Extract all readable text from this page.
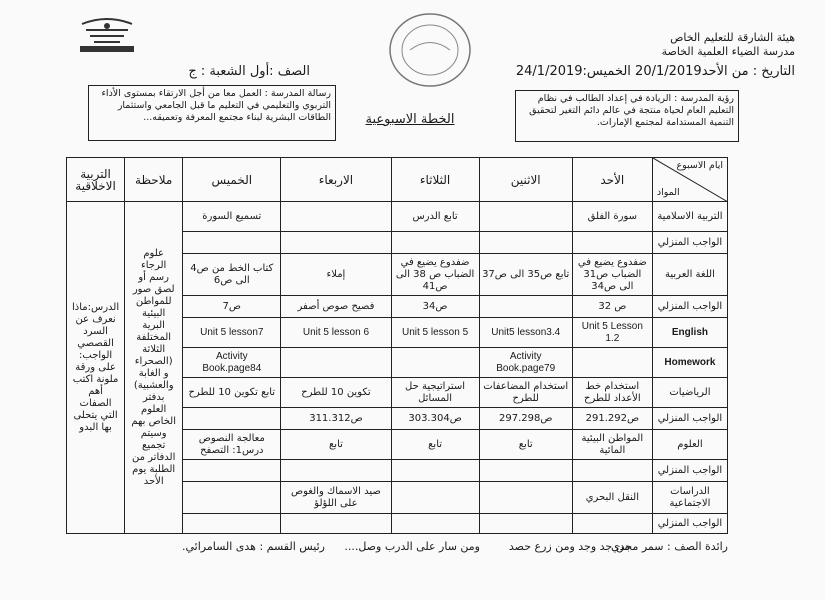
هيئة الشارقة للتعليم الخاص
مدرسة الضياء العلمية الخاصة
التاريخ : من الأحد20/1/2019 الخميس:24/1/2019
الصف :أول الشعبة : ج
رسالة المدرسة : العمل معا من أجل الارتقاء بمستوى الأداء التربوي والتعليمي في التعليم ما قبل الجامعي واستثمار الطاقات البشرية لبناء مجتمع المعرفة وتعميقه...	الخطة الاسبوعية
رؤية المدرسة : الريادة في إعداد الطالب في نظام التعليم العام لحياة منتجة في عالم دائم التغير لتحقيق التنمية المستدامة لمجتمع الإمارات.
ايام الاسبوع
المواد	الأحد	الاثنين	الثلاثاء	الاربعاء	الخميس	ملاحظة	التربية الاخلاقية
التربية الاسلامية	سورة الفلق		تابع الدرس		تسميع السورة	علوم الرجاء رسم أو لصق صور للمواطن البيئية البرية المختلفة الثلاثة (الصحراء و الغابة والعشبية) بدفتر العلوم الخاص بهم وسيتم تجميع الدفاتر من الطلبة يوم الأحد	الدرس:ماذا نعرف عن السرد القصصي الواجب: على ورقة ملونة اكتب أهم الصفات التي يتحلى بها البدو
الواجب المنزلي							
اللغة العربية	ضفدوع يضيع في الضباب ص31 الى ص34	تابع ص35 الى ص37	ضفدوع يضيع في الضباب ص 38 الى ص41	إملاء	كتاب الخط من ص4 الى ص6		
الواجب المنزلي	ص 32		ص34	فصيح صوص أصفر	ص7		
English	Unit 5 Lesson 1.2	Unit5 lesson3.4	Unit 5 lesson 5	Unit 5 lesson 6	Unit 5 lesson7		
Homework		Activity Book.page79			Activity Book.page84		
الرياضيات	استخدام خط الأعداد للطرح	استخدام المضاعفات للطرح	استراتيجية حل المسائل	تكوين 10 للطرح	تابع تكوين 10 للطرح		
الواجب المنزلي	ص291.292	ص297.298	ص303.304	ص311.312			
العلوم	المواطن البيئية المائية	تابع	تابع	تابع	معالجة النصوص درس1: التصفح		
الواجب المنزلي							
الدراسات الاجتماعية	النقل البحري			صيد الاسماك والغوص على اللؤلؤ			
الواجب المنزلي							
رائدة الصف : سمر مجدي
من جد وجد ومن زرع حصد
ومن سار على الدرب وصل....
رئيس القسم : هدى السامرائي.
